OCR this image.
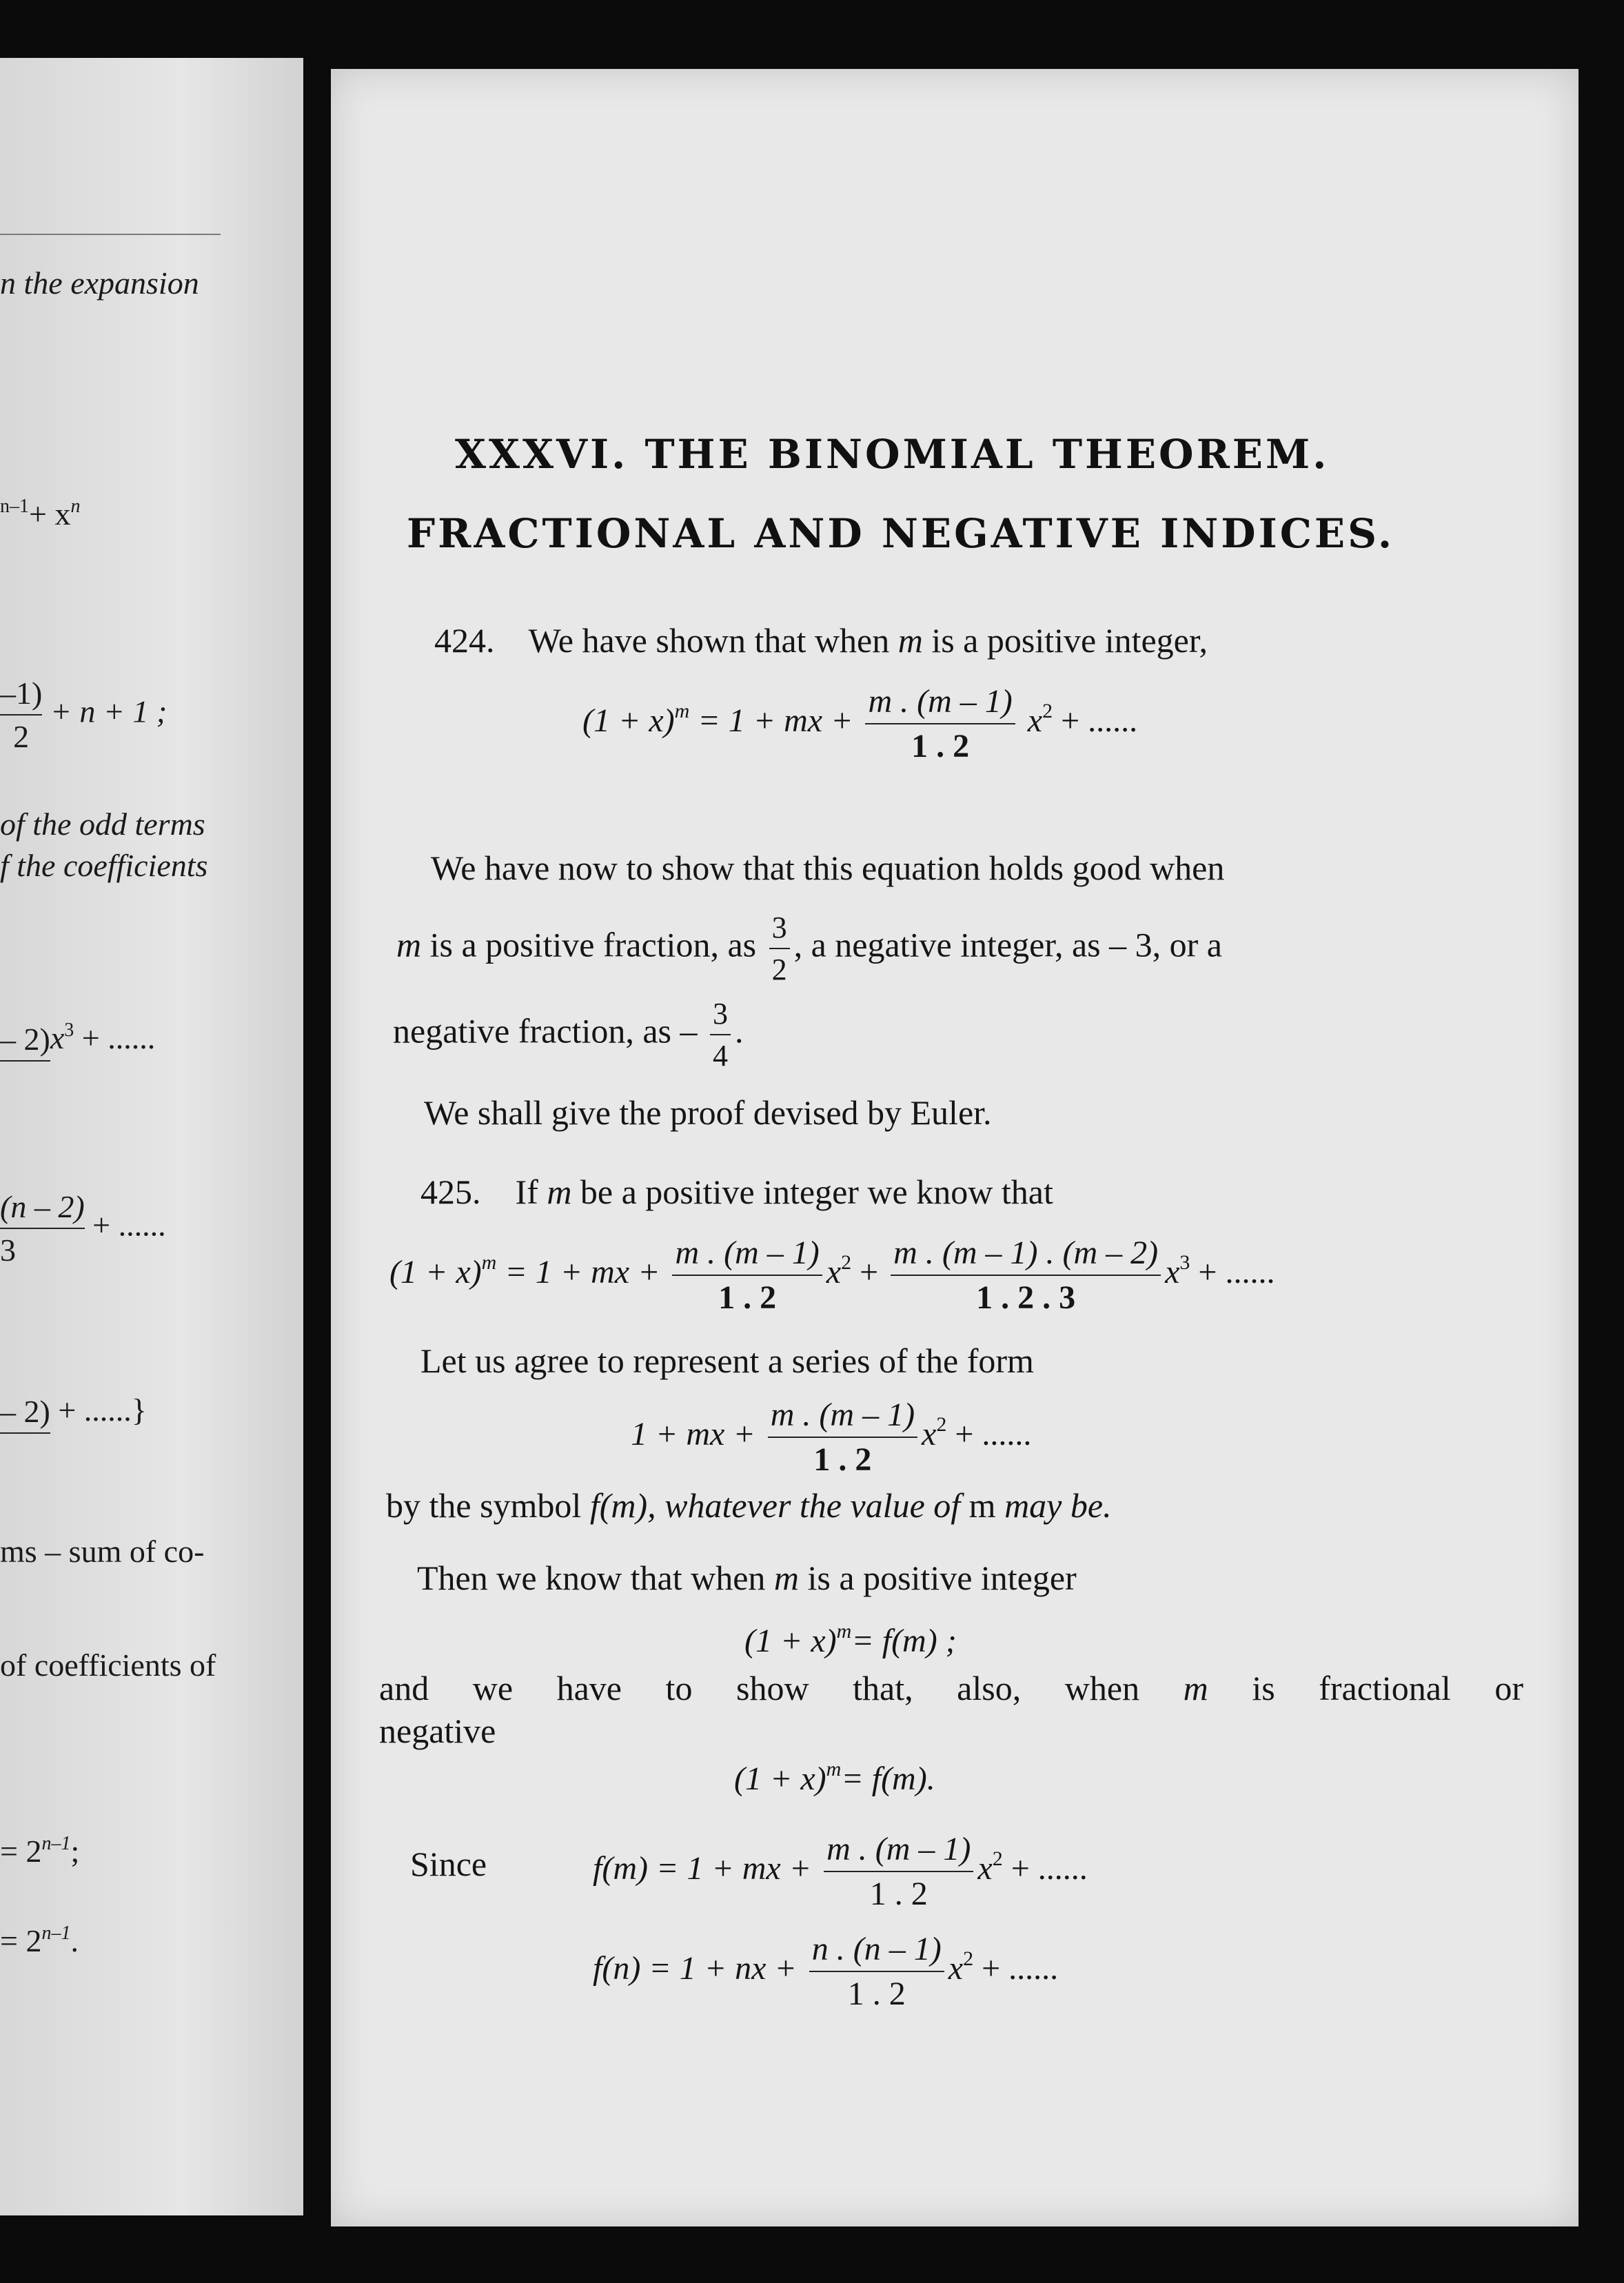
n the expansion
$^{n-1}+ x^n$
$\frac{-1)}{2} + n + 1$ ;
of the odd terms
f the coefficients
– $2)x^3$ + ......
$\frac{(n - 2)}{3}$ + ......
– 2) + ......}
ms – sum of co-
of coefficients of
= $2^{n-1}$;
= $2^{n-1}$.
XXXVI. THE BINOMIAL THEOREM.
FRACTIONAL AND NEGATIVE INDICES.
424. We have shown that when m is a positive integer,
$(1 + x)^m = 1$ + mx + $\frac{m . (m - 1)}{1 . 2} x^2$ + ......
We have now to show that this equation holds good when
m is a positive fraction, as $\frac{3}{2}$ , a negative integer, as – 3, or a
negative fraction, as – $\frac{3}{4}$ .
We shall give the proof devised by Euler.
425. If m be a positive integer we know that
$(1 + x)^m = 1$ + mx + $\frac{m . (m - 1)}{1 . 2} x^2 + \frac{m . (m - 1) . (m - 2)}{1 . 2 . 3} x^3$ + ......
Let us agree to represent a series of the form
1 + mx + $\frac{m . (m - 1)}{1 . 2} x^2$ + ......
by the symbol f(m), whatever the value of m may be.
Then we know that when m is a positive integer
$(1 + x)^m= f(m)$ ;
and we have to show that, also, when m is fractional or
negative
$(1 + x)^m= f(m)$.
Since	f(m) = 1 + mx + $\frac{m . (m - 1)}{1 . 2} x^2$ + ......
f(n) = 1 + nx + $\frac{n . (n - 1)}{1 . 2} x^2$ + ......
